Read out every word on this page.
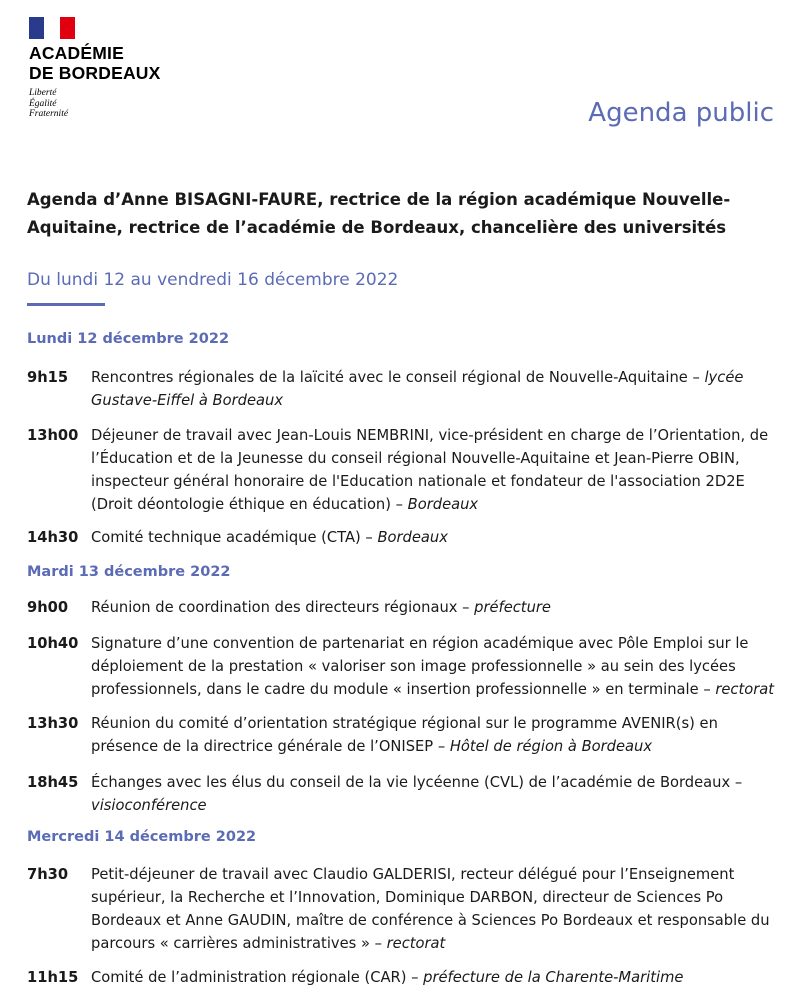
ACADÉMIE
DE BORDEAUX
Liberté
Égalité
Fraternité	Agenda public
Agenda d’Anne BISAGNI-FAURE, rectrice de la région académique Nouvelle-
Aquitaine, rectrice de l’académie de Bordeaux, chancelière des universités
Du lundi 12 au vendredi 16 décembre 2022
Lundi 12 décembre 2022
9h15 Rencontres régionales de la laïcité avec le conseil régional de Nouvelle-Aquitaine – lycée Gustave-Eiffel à Bordeaux
13h00 Déjeuner de travail avec Jean-Louis NEMBRINI, vice-président en charge de l’Orientation, de l’Éducation et de la Jeunesse du conseil régional Nouvelle-Aquitaine et Jean-Pierre OBIN, inspecteur général honoraire de l'Education nationale et fondateur de l'association 2D2E (Droit déontologie éthique en éducation) – Bordeaux
14h30 Comité technique académique (CTA) – Bordeaux
Mardi 13 décembre 2022
9h00 Réunion de coordination des directeurs régionaux – préfecture
10h40 Signature d’une convention de partenariat en région académique avec Pôle Emploi sur le déploiement de la prestation « valoriser son image professionnelle » au sein des lycées professionnels, dans le cadre du module « insertion professionnelle » en terminale – rectorat
13h30 Réunion du comité d’orientation stratégique régional sur le programme AVENIR(s) en présence de la directrice générale de l’ONISEP – Hôtel de région à Bordeaux
18h45 Échanges avec les élus du conseil de la vie lycéenne (CVL) de l’académie de Bordeaux – visioconférence
Mercredi 14 décembre 2022
7h30 Petit-déjeuner de travail avec Claudio GALDERISI, recteur délégué pour l’Enseignement supérieur, la Recherche et l’Innovation, Dominique DARBON, directeur de Sciences Po Bordeaux et Anne GAUDIN, maître de conférence à Sciences Po Bordeaux et responsable du parcours « carrières administratives » – rectorat
11h15 Comité de l’administration régionale (CAR) – préfecture de la Charente-Maritime
